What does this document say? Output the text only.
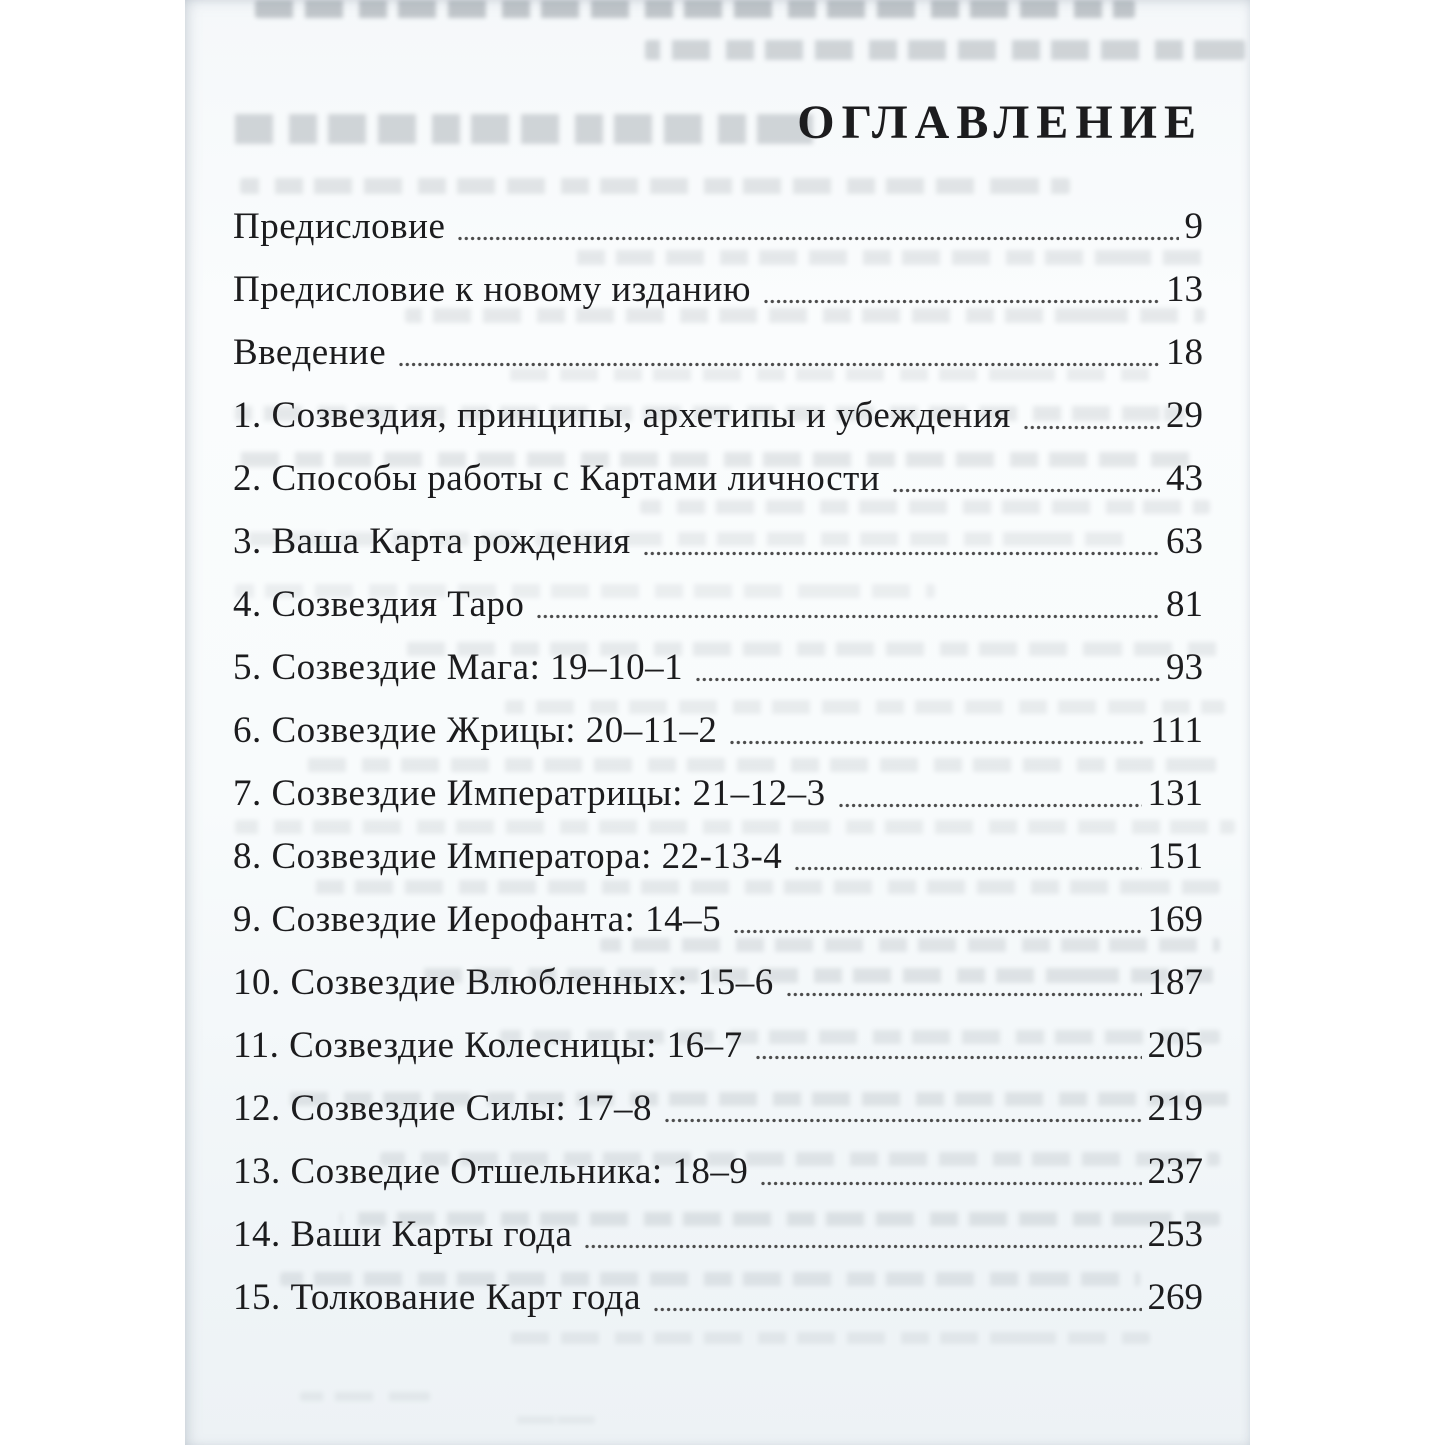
ОГЛАВЛЕНИЕ
Предисловие	9
Предисловие к новому изданию	13
Введение	18
1. Созвездия, принципы, архетипы и убеждения	29
2. Способы работы с Картами личности	43
3. Ваша Карта рождения	63
4. Созвездия Таро	81
5. Созвездие Мага: 19–10–1	93
6. Созвездие Жрицы: 20–11–2	111
7. Созвездие Императрицы: 21–12–3	131
8. Созвездие Императора: 22-13-4	151
9. Созвездие Иерофанта: 14–5	169
10. Созвездие Влюбленных: 15–6	187
11. Созвездие Колесницы: 16–7	205
12. Созвездие Силы: 17–8	219
13. Созведие Отшельника: 18–9	237
14. Ваши Карты года	253
15. Толкование Карт года	269
